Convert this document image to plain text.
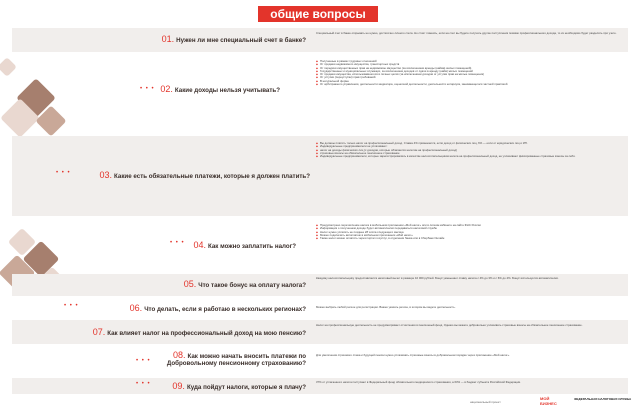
общие вопросы
01. Нужен ли мне специальный счет в банке?
Специальный счет в банке открывать не нужно, достаточно личного счета. Но стоит помнить, если на счет вы будете получать другие поступления помимо профессионального дохода, то их необходимо будет разделять при учете.
• • • 02. Какие доходы нельзя учитывать?
◆ Полученные в рамках трудовых отношений
◆ От продажи недвижимого имущества, транспортных средств
◆ От передачи имущественных прав на недвижимое имущество (за исключением аренды (найма) жилых помещений)
◆ Государственных и муниципальных служащих, за исключением доходов от сдачи в аренду (найм) жилых помещений
◆ От продажи имущества, использовавшегося в личных целях (за исключением доходов от уступки прав на жилые помещения)
◆ От уступки (переуступки) прав требований
◆ В натуральной форме
◆ От арбитражного управления, деятельности медиатора, оценочной деятельности, деятельности нотариуса, занимающегося частной практикой
• • •	03. Какие есть обязательные платежи, которые я должен платить?
◆ Вы должны платить только налог на профессиональный доход. Ставка 4% применяется, если доход от физических лиц, 6% — если от юридических лиц и ИП.
◆ Индивидуальные предприниматели не уплачивают:
◆ налог на доходы физических лиц (с доходов, которые облагаются налогом на профессиональный доход)
◆ страховые взносы на обязательное пенсионное страхование
◆ Индивидуальные предприниматели, которые зарегистрировались в качестве налогоплательщиков налога на профессиональный доход, не уплачивают фиксированные страховые взносы за себя.
• • • 04. Как можно заплатить налог?
◆ Предусмотрено перечисление налога в мобильном приложении «Мой налог» или в личном кабинете на сайте ФНС России
◆ Информация о полученном доходе будет автоматически передаваться налоговой службе
◆ Налог нужно уплатить не позднее 28 числа следующего месяца
◆ Можно подключить автоплатеж в мобильном приложении «Мой налог»
◆ Также налог можно оплатить через портал госуслуг, в отделении банка или в Сбербанк Онлайн
05. Что такое бонус на оплату налога?
Каждому налогоплательщику предоставляется налоговый вычет в размере 10 000 рублей. Бонус уменьшает ставку налога с 4% до 3% и с 6% до 4%. Бонус используется автоматически.
• • •	06. Что делать, если я работаю в нескольких регионах?	Можно выбрать любой регион для регистрации. Важно указать регион, в котором вы ведете деятельность.
07. Как влияет налог на профессиональный доход на мою пенсию?
Налог на профессиональную деятельность не предусматривает отчисления в пенсионный фонд. Однако вы можете добровольно уплачивать страховые взносы на обязательное пенсионное страхование.
• • •
08. Как можно начать вносить платежи по Добровольному пенсионному страхованию?
Для увеличения страхового стажа и будущей пенсии нужно уплачивать страховые взносы в добровольном порядке через приложение «Мой налог».
• • •	09. Куда пойдут налоги, которые я плачу?
37% от уплаченного налога поступают в Федеральный фонд обязательного медицинского страхования, а 63% — в бюджет субъекта Российской Федерации.
национальный проект
МОЙ БИЗНЕС
ФЕДЕРАЛЬНАЯ НАЛОГОВАЯ СЛУЖБА
